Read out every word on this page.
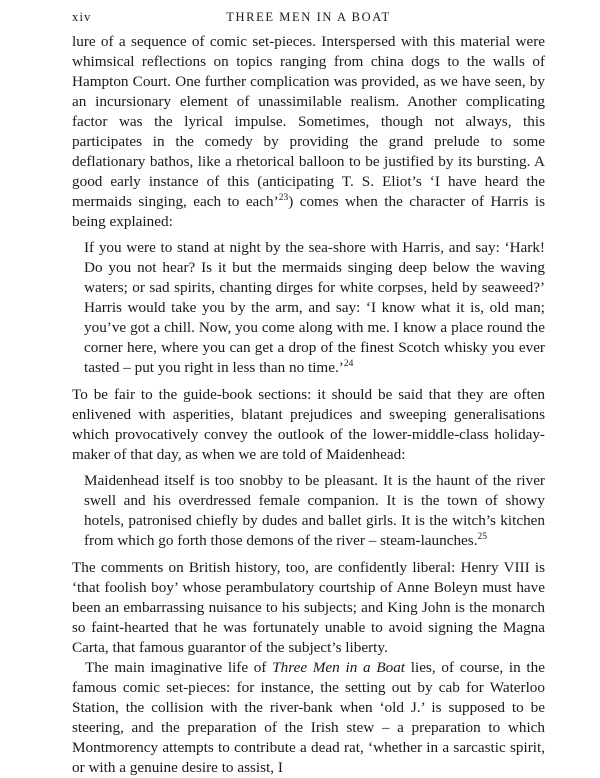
xiv	THREE MEN IN A BOAT

lure of a sequence of comic set-pieces. Interspersed with this material were whimsical reflections on topics ranging from china dogs to the walls of Hampton Court. One further complication was provided, as we have seen, by an incursionary element of unassimilable realism. Another complicating factor was the lyrical impulse. Sometimes, though not always, this participates in the comedy by providing the grand prelude to some deflationary bathos, like a rhetorical balloon to be justified by its bursting. A good early instance of this (anticipating T. S. Eliot’s ‘I have heard the mermaids singing, each to each’$^{23}$) comes when the character of Harris is being explained:

If you were to stand at night by the sea-shore with Harris, and say: ‘Hark! Do you not hear? Is it but the mermaids singing deep below the waving waters; or sad spirits, chanting dirges for white corpses, held by seaweed?’ Harris would take you by the arm, and say: ‘I know what it is, old man; you’ve got a chill. Now, you come along with me. I know a place round the corner here, where you can get a drop of the finest Scotch whisky you ever tasted – put you right in less than no time.’$^{24}$

To be fair to the guide-book sections: it should be said that they are often enlivened with asperities, blatant prejudices and sweeping generalisations which provocatively convey the outlook of the lower-middle-class holiday-maker of that day, as when we are told of Maidenhead:

Maidenhead itself is too snobby to be pleasant. It is the haunt of the river swell and his overdressed female companion. It is the town of showy hotels, patronised chiefly by dudes and ballet girls. It is the witch’s kitchen from which go forth those demons of the river – steam-launches.$^{25}$

The comments on British history, too, are confidently liberal: Henry VIII is ‘that foolish boy’ whose perambulatory courtship of Anne Boleyn must have been an embarrassing nuisance to his subjects; and King John is the monarch so faint-hearted that he was fortunately unable to avoid signing the Magna Carta, that famous guarantor of the subject’s liberty.

The main imaginative life of Three Men in a Boat lies, of course, in the famous comic set-pieces: for instance, the setting out by cab for Waterloo Station, the collision with the river-bank when ‘old J.’ is supposed to be steering, and the preparation of the Irish stew – a preparation to which Montmorency attempts to contribute a dead rat, ‘whether in a sarcastic spirit, or with a genuine desire to assist, I
